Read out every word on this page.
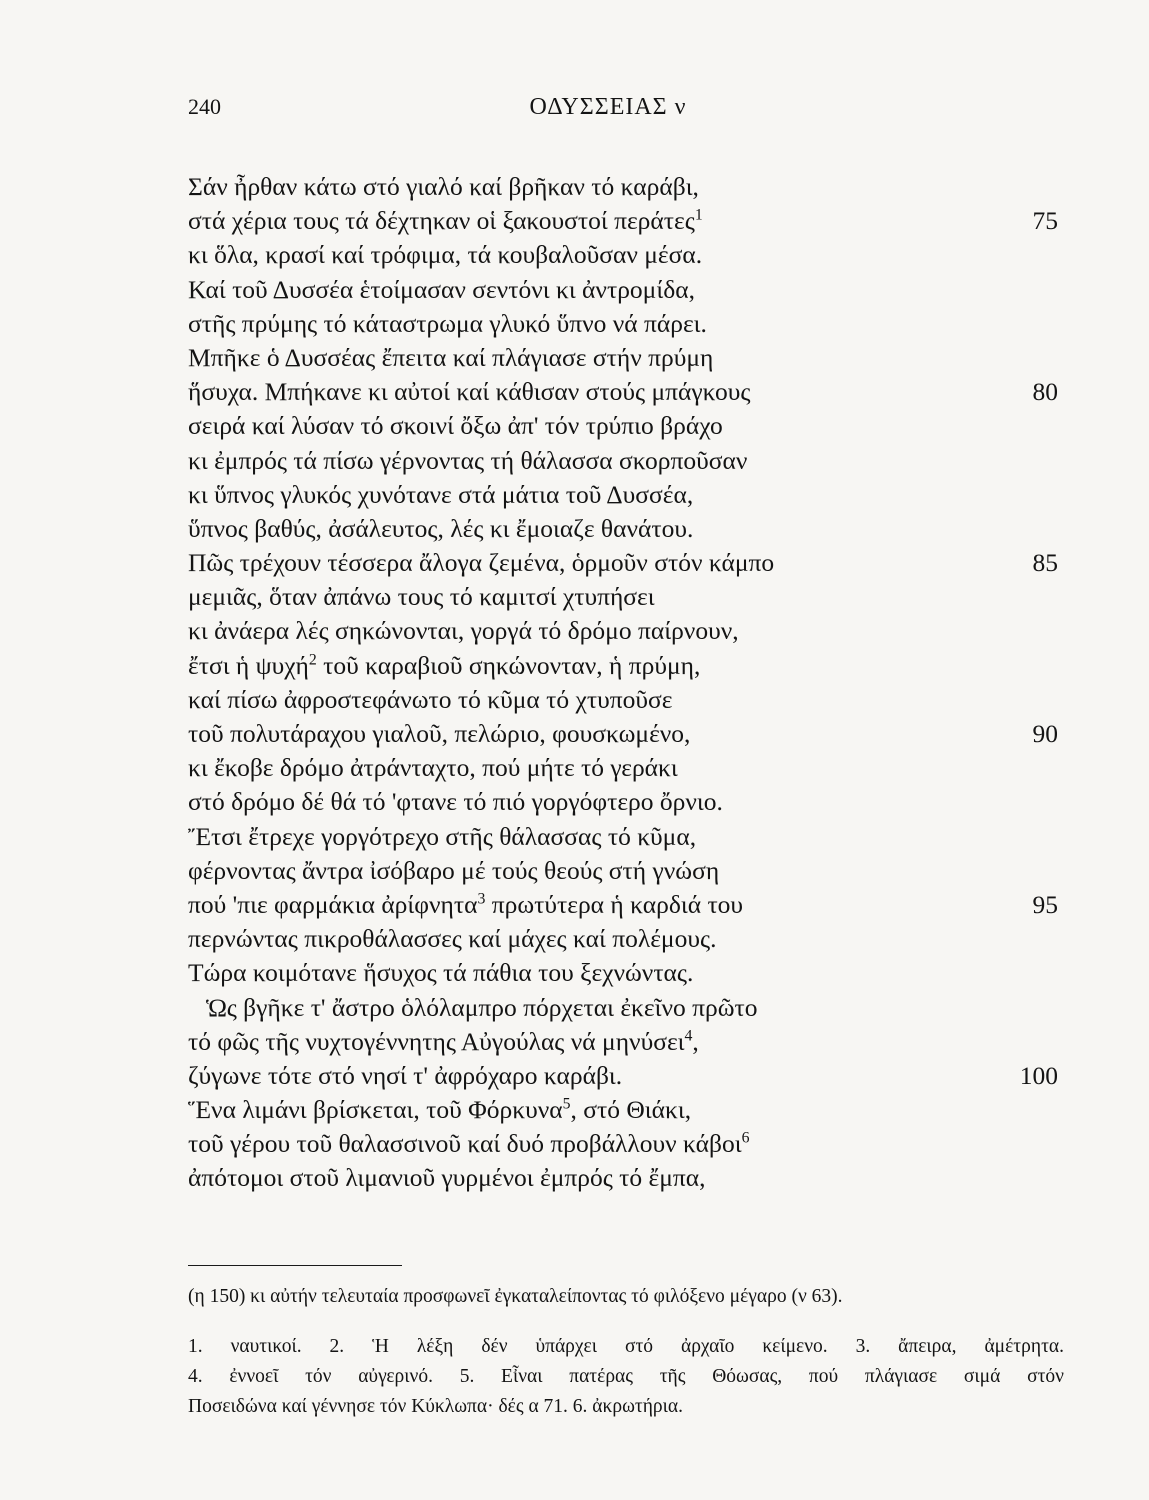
240	ΟΔΥΣΣΕΙΑΣ ν
Σάν ἦρθαν κάτω στό γιαλό καί βρῆκαν τό καράβι,
στά χέρια τους τά δέχτηκαν οἱ ξακουστοί περάτες$^1$	75
κι ὅλα, κρασί καί τρόφιμα, τά κουβαλοῦσαν μέσα.
Καί τοῦ Δυσσέα ἑτοίμασαν σεντόνι κι ἀντρομίδα,
στῆς πρύμης τό κάταστρωμα γλυκό ὕπνο νά πάρει.
Μπῆκε ὁ Δυσσέας ἔπειτα καί πλάγιασε στήν πρύμη
ἥσυχα. Μπήκανε κι αὐτοί καί κάθισαν στούς μπάγκους	80
σειρά καί λύσαν τό σκοινί ὄξω ἀπ' τόν τρύπιο βράχο
κι ἐμπρός τά πίσω γέρνοντας τή θάλασσα σκορποῦσαν
κι ὕπνος γλυκός χυνότανε στά μάτια τοῦ Δυσσέα,
ὕπνος βαθύς, ἀσάλευτος, λές κι ἔμοιαζε θανάτου.
Πῶς τρέχουν τέσσερα ἄλογα ζεμένα, ὁρμοῦν στόν κάμπο	85
μεμιᾶς, ὅταν ἀπάνω τους τό καμιτσί χτυπήσει
κι ἀνάερα λές σηκώνονται, γοργά τό δρόμο παίρνουν,
ἔτσι ἡ ψυχή$^2$ τοῦ καραβιοῦ σηκώνονταν, ἡ πρύμη,
καί πίσω ἀφροστεφάνωτο τό κῦμα τό χτυποῦσε
τοῦ πολυτάραχου γιαλοῦ, πελώριο, φουσκωμένο,	90
κι ἔκοβε δρόμο ἀτράνταχτο, πού μήτε τό γεράκι
στό δρόμο δέ θά τό 'φτανε τό πιό γοργόφτερο ὄρνιο.
Ἔτσι ἔτρεχε γοργότρεχο στῆς θάλασσας τό κῦμα,
φέρνοντας ἄντρα ἰσόβαρο μέ τούς θεούς στή γνώση
πού 'πιε φαρμάκια ἀρίφνητα$^3$ πρωτύτερα ἡ καρδιά του	95
περνώντας πικροθάλασσες καί μάχες καί πολέμους.
Τώρα κοιμότανε ἥσυχος τά πάθια του ξεχνώντας.
Ὡς βγῆκε τ' ἄστρο ὁλόλαμπρο πόρχεται ἐκεῖνο πρῶτο
τό φῶς τῆς νυχτογέννητης Αὐγούλας νά μηνύσει$^4$,
ζύγωνε τότε στό νησί τ' ἀφρόχαρο καράβι.	100
Ἕνα λιμάνι βρίσκεται, τοῦ Φόρκυνα$^5$, στό Θιάκι,
τοῦ γέρου τοῦ θαλασσινοῦ καί δυό προβάλλουν κάβοι$^6$
ἀπότομοι στοῦ λιμανιοῦ γυρμένοι ἐμπρός τό ἔμπα,
(η 150) κι αὐτήν τελευταία προσφωνεῖ ἐγκαταλείποντας τό φιλόξενο μέγαρο (ν 63).
1. ναυτικοί. 2. Ἡ λέξη δέν ὑπάρχει στό ἀρχαῖο κείμενο. 3. ἄπειρα, ἀμέτρητα.
4. ἐννοεῖ τόν αὐγερινό. 5. Εἶναι πατέρας τῆς Θόωσας, πού πλάγιασε σιμά στόν
Ποσειδώνα καί γέννησε τόν Κύκλωπα· δές α 71. 6. ἀκρωτήρια.
